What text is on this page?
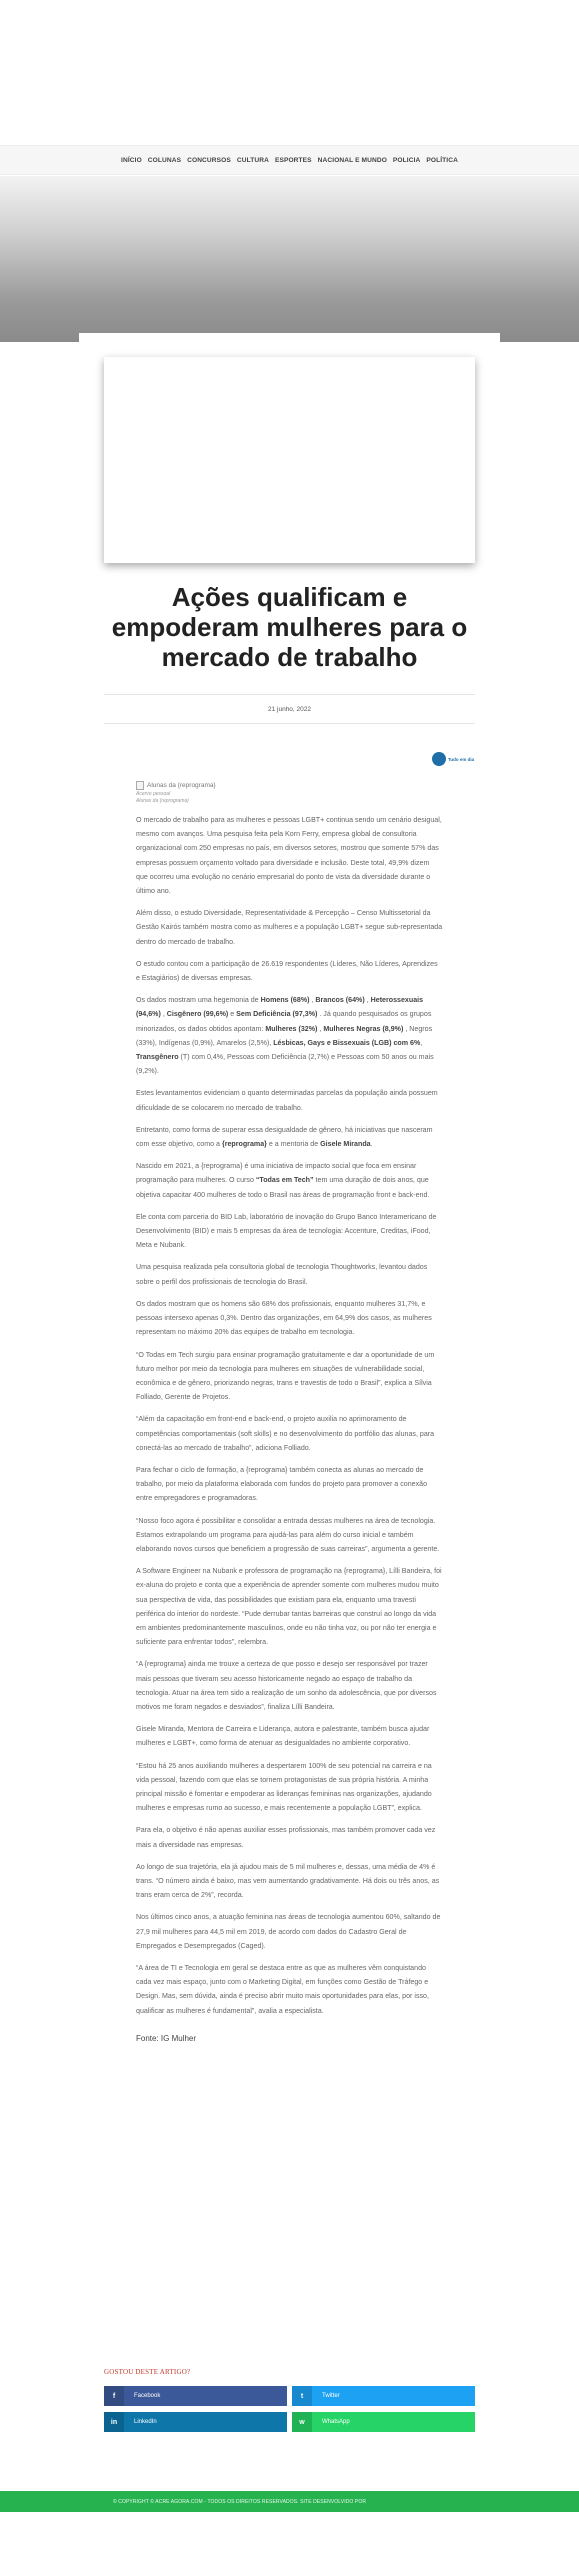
INÍCIO COLUNAS CONCURSOS CULTURA ESPORTES NACIONAL E MUNDO POLICIA POLÍTICA
Ações qualificam e empoderam mulheres para o mercado de trabalho
21 junho, 2022
Tudo em dia
Alunas da {reprograma}
Acervo pessoal
Alunas da {reprograma}

O mercado de trabalho para as mulheres e pessoas LGBT+ continua sendo um cenário desigual, mesmo com avanços. Uma pesquisa feita pela Korn Ferry, empresa global de consultoria organizacional com 250 empresas no país, em diversos setores, mostrou que somente 57% das empresas possuem orçamento voltado para diversidade e inclusão. Deste total, 49,9% dizem que ocorreu uma evolução no cenário empresarial do ponto de vista da diversidade durante o último ano.

Além disso, o estudo Diversidade, Representatividade & Percepção – Censo Multissetorial da Gestão Kairós também mostra como as mulheres e a população LGBT+ segue sub-representada dentro do mercado de trabalho.

O estudo contou com a participação de 26.619 respondentes (Líderes, Não Líderes, Aprendizes e Estagiários) de diversas empresas.

Os dados mostram uma hegemonia de Homens (68%) , Brancos (64%) , Heterossexuais (94,6%) , Cisgênero (99,6%) e Sem Deficiência (97,3%) . Já quando pesquisados os grupos minorizados, os dados obtidos apontam: Mulheres (32%) , Mulheres Negras (8,9%) , Negros (33%), Indígenas (0,9%), Amarelos (2,5%), Lésbicas, Gays e Bissexuais (LGB) com 6%, Transgênero (T) com 0,4%, Pessoas com Deficiência (2,7%) e Pessoas com 50 anos ou mais (9,2%).

Estes levantamentos evidenciam o quanto determinadas parcelas da população ainda possuem dificuldade de se colocarem no mercado de trabalho.

Entretanto, como forma de superar essa desigualdade de gênero, há iniciativas que nasceram com esse objetivo, como a {reprograma} e a mentoria de Gisele Miranda.

Nascido em 2021, a {reprograma} é uma iniciativa de impacto social que foca em ensinar programação para mulheres. O curso “Todas em Tech” tem uma duração de dois anos, que objetiva capacitar 400 mulheres de todo o Brasil nas áreas de programação front e back-end.

Ele conta com parceria do BID Lab, laboratório de inovação do Grupo Banco Interamericano de Desenvolvimento (BID) e mais 5 empresas da área de tecnologia: Accenture, Creditas, iFood, Meta e Nubank.

Uma pesquisa realizada pela consultoria global de tecnologia Thoughtworks, levantou dados sobre o perfil dos profissionais de tecnologia do Brasil.

Os dados mostram que os homens são 68% dos profissionais, enquanto mulheres 31,7%, e pessoas intersexo apenas 0,3%. Dentro das organizações, em 64,9% dos casos, as mulheres representam no máximo 20% das equipes de trabalho em tecnologia.

“O Todas em Tech surgiu para ensinar programação gratuitamente e dar a oportunidade de um futuro melhor por meio da tecnologia para mulheres em situações de vulnerabilidade social, econômica e de gênero, priorizando negras, trans e travestis de todo o Brasil”, explica a Sílvia Folliado, Gerente de Projetos.

“Além da capacitação em front-end e back-end, o projeto auxilia no aprimoramento de competências comportamentais (soft skills) e no desenvolvimento do portfólio das alunas, para conectá-las ao mercado de trabalho”, adiciona Folliado.

Para fechar o ciclo de formação, a {reprograma} também conecta as alunas ao mercado de trabalho, por meio da plataforma elaborada com fundos do projeto para promover a conexão entre empregadores e programadoras.

“Nosso foco agora é possibilitar e consolidar a entrada dessas mulheres na área de tecnologia. Estamos extrapolando um programa para ajudá-las para além do curso inicial e também elaborando novos cursos que beneficiem a progressão de suas carreiras”, argumenta a gerente.

A Software Engineer na Nubank e professora de programação na {reprograma}, Lílli Bandeira, foi ex-aluna do projeto e conta que a experiência de aprender somente com mulheres mudou muito sua perspectiva de vida, das possibilidades que existiam para ela, enquanto uma travesti periférica do interior do nordeste. “Pude derrubar tantas barreiras que construí ao longo da vida em ambientes predominantemente masculinos, onde eu não tinha voz, ou por não ter energia e suficiente para enfrentar todos”, relembra.

“A {reprograma} ainda me trouxe a certeza de que posso e desejo ser responsável por trazer mais pessoas que tiveram seu acesso historicamente negado ao espaço de trabalho da tecnologia. Atuar na área tem sido a realização de um sonho da adolescência, que por diversos motivos me foram negados e desviados”, finaliza Lílli Bandeira.

Gisele Miranda, Mentora de Carreira e Liderança, autora e palestrante, também busca ajudar mulheres e LGBT+, como forma de atenuar as desigualdades no ambiente corporativo.

“Estou há 25 anos auxiliando mulheres a despertarem 100% de seu potencial na carreira e na vida pessoal, fazendo com que elas se tornem protagonistas de sua própria história. A minha principal missão é fomentar e empoderar as lideranças femininas nas organizações, ajudando mulheres e empresas rumo ao sucesso, e mais recentemente a população LGBT”, explica.

Para ela, o objetivo é não apenas auxiliar esses profissionais, mas também promover cada vez mais a diversidade nas empresas.

Ao longo de sua trajetória, ela já ajudou mais de 5 mil mulheres e, dessas, uma média de 4% é trans. “O número ainda é baixo, mas vem aumentando gradativamente. Há dois ou três anos, as trans eram cerca de 2%”, recorda.

Nos últimos cinco anos, a atuação feminina nas áreas de tecnologia aumentou 60%, saltando de 27,9 mil mulheres para 44,5 mil em 2019, de acordo com dados do Cadastro Geral de Empregados e Desempregados (Caged).

“A área de TI e Tecnologia em geral se destaca entre as que as mulheres vêm conquistando cada vez mais espaço, junto com o Marketing Digital, em funções como Gestão de Tráfego e Design. Mas, sem dúvida, ainda é preciso abrir muito mais oportunidades para elas, por isso, qualificar as mulheres é fundamental”, avalia a especialista.

Fonte: IG Mulher

GOSTOU DESTE ARTIGO?
f	Facebook	t	Twitter
in	LinkedIn	w	WhatsApp
© COPYRIGHT © ACRE AGORA.COM - TODOS OS DIREITOS RESERVADOS. SITE DESENVOLVIDO POR
